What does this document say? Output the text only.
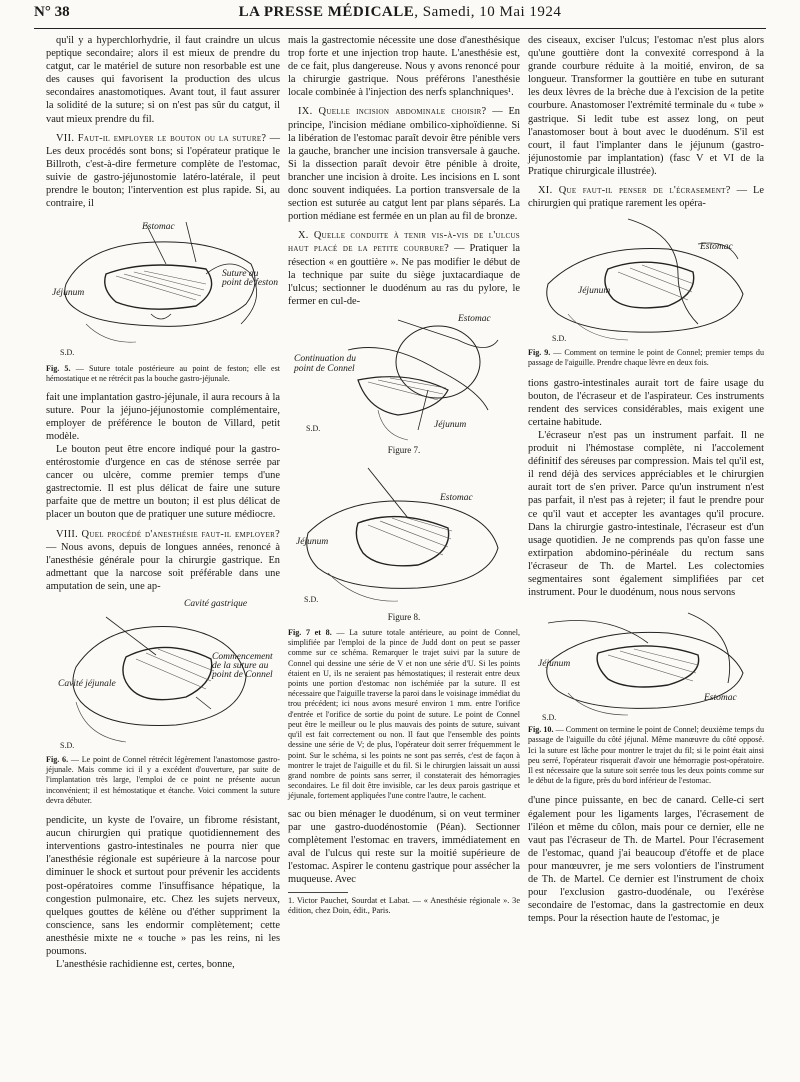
N° 38	LA PRESSE MÉDICALE, Samedi, 10 Mai 1924

qu'il y a hyperchlorhydrie, il faut craindre un ulcus peptique secondaire; alors il est mieux de prendre du catgut, car le matériel de suture non resorbable est une des causes qui favorisent la production des ulcus secondaires anastomotiques. Avant tout, il faut assurer la solidité de la suture; si on n'est pas sûr du catgut, il vaut mieux prendre du fil.

VII. Faut-il employer le bouton ou la suture? — Les deux procédés sont bons; si l'opérateur pratique le Billroth, c'est-à-dire fermeture complète de l'estomac, suivie de gastro-jéjunostomie latéro-latérale, il peut prendre le bouton; l'intervention est plus rapide. Si, au contraire, il

Estomac
Suture au point de feston
Jéjunum
S.D.

Fig. 5. — Suture totale postérieure au point de feston; elle est hémostatique et ne rétrécit pas la bouche gastro-jéjunale.

fait une implantation gastro-jéjunale, il aura recours à la suture. Pour la jéjuno-jéjunostomie complémentaire, employer de préférence le bouton de Villard, petit modèle.

Le bouton peut être encore indiqué pour la gastro-entérostomie d'urgence en cas de sténose serrée par cancer ou ulcère, comme premier temps d'une gastrectomie. Il est plus délicat de faire une suture parfaite que de mettre un bouton; il est plus délicat de placer un bouton que de pratiquer une suture médiocre.

VIII. Quel procédé d'anesthésie faut-il employer? — Nous avons, depuis de longues années, renoncé à l'anesthésie générale pour la chirurgie gastrique. En admettant que la narcose soit préférable dans une amputation de sein, une ap-

Cavité gastrique
Cavité jéjunale
Commencement de la suture au point de Connel
S.D.

Fig. 6. — Le point de Connel rétrécit légèrement l'anastomose gastro-jéjunale. Mais comme ici il y a excédent d'ouverture, par suite de l'implantation très large, l'emploi de ce point ne présente aucun inconvénient; il est hémostatique et étanche. Voici comment la suture devra débuter.

pendicite, un kyste de l'ovaire, un fibrome résistant, aucun chirurgien qui pratique quotidiennement des interventions gastro-intestinales ne pourra nier que l'anesthésie régionale est supérieure à la narcose pour diminuer le shock et surtout pour prévenir les accidents post-opératoires comme l'insuffisance hépatique, la congestion pulmonaire, etc. Chez les sujets nerveux, quelques gouttes de kélène ou d'éther suppriment la conscience, sans les endormir complètement; cette anesthésie mixte ne « touche » pas les reins, ni les poumons.

L'anesthésie rachidienne est, certes, bonne,

mais la gastrectomie nécessite une dose d'anesthésique trop forte et une injection trop haute. L'anesthésie est, de ce fait, plus dangereuse. Nous y avons renoncé pour la chirurgie gastrique. Nous préférons l'anesthésie locale combinée à l'injection des nerfs splanchniques¹.

IX. Quelle incision abdominale choisir? — En principe, l'incision médiane ombilico-xiphoïdienne. Si la libération de l'estomac paraît devoir être pénible vers la gauche, brancher une incision transversale à gauche. Si la dissection paraît devoir être pénible à droite, brancher une incision à droite. Les incisions en L sont donc souvent indiquées. La portion transversale de la section est suturée au catgut lent par plans séparés. La portion médiane est fermée en un plan au fil de bronze.

X. Quelle conduite à tenir vis-à-vis de l'ulcus haut placé de la petite courbure? — Pratiquer la résection « en gouttière ». Ne pas modifier le début de la technique par suite du siège juxtacardiaque de l'ulcus; sectionner le duodénum au ras du pylore, le fermer en cul-de-

Estomac
Continuation du point de Connel
Jéjunum
S.D.

Figure 7.

Estomac
Jéjunum
S.D.

Figure 8.

Fig. 7 et 8. — La suture totale antérieure, au point de Connel, simplifiée par l'emploi de la pince de Judd dont on peut se passer comme sur ce schéma. Remarquer le trajet suivi par la suture de Connel qui dessine une série de V et non une série d'U. Si les points étaient en U, ils ne seraient pas hémostatiques; il resterait entre deux points une portion d'estomac non ischémiée par la suture. Il est nécessaire que l'aiguille traverse la paroi dans le voisinage immédiat du trou précédent; ici nous avons mesuré environ 1 mm. entre l'orifice d'entrée et l'orifice de sortie du point de suture. Le point de Connel peut être le meilleur ou le plus mauvais des points de suture, suivant qu'il est fait correctement ou non. Il faut que l'ensemble des points dessine une série de V; de plus, l'opérateur doit serrer fréquemment le point. Sur le schéma, si les points ne sont pas serrés, c'est de façon à montrer le trajet de l'aiguille et du fil. Si le chirurgien laissait un aussi grand nombre de points sans serrer, il constaterait des hémorragies secondaires. Le fil doit être invisible, car les deux parois gastrique et jéjunale, fortement appliquées l'une contre l'autre, le cachent.

sac ou bien ménager le duodénum, si on veut terminer par une gastro-duodénostomie (Péan). Sectionner complètement l'estomac en travers, immédiatement en aval de l'ulcus qui reste sur la moitié supérieure de l'estomac. Aspirer le contenu gastrique pour assécher la muqueuse. Avec

1. Victor Pauchet, Sourdat et Labat. — « Anesthésie régionale ». 3e édition, chez Doin, édit., Paris.

des ciseaux, exciser l'ulcus; l'estomac n'est plus alors qu'une gouttière dont la convexité correspond à la grande courbure réduite à la moitié, environ, de sa longueur. Transformer la gouttière en tube en suturant les deux lèvres de la brèche due à l'excision de la petite courbure. Anastomoser l'extrémité terminale du « tube » gastrique. Si ledit tube est assez long, on peut l'anastomoser bout à bout avec le duodénum. S'il est court, il faut l'implanter dans le jéjunum (gastro-jéjunostomie par implantation) (fasc V et VI de la Pratique chirurgicale illustrée).

XI. Que faut-il penser de l'écrasement? — Le chirurgien qui pratique rarement les opéra-

Estomac
Jéjunum
S.D.

Fig. 9. — Comment on termine le point de Connel; premier temps du passage de l'aiguille. Prendre chaque lèvre en deux fois.

tions gastro-intestinales aurait tort de faire usage du bouton, de l'écraseur et de l'aspirateur. Ces instruments rendent des services considérables, mais exigent une certaine habitude.

L'écraseur n'est pas un instrument parfait. Il ne produit ni l'hémostase complète, ni l'accolement définitif des séreuses par compression. Mais tel qu'il est, il rend déjà des services appréciables et le chirurgien aurait tort de s'en priver. Parce qu'un instrument n'est pas parfait, il n'est pas à rejeter; il faut le prendre pour ce qu'il vaut et accepter les avantages qu'il procure. Dans la chirurgie gastro-intestinale, l'écraseur est d'un usage quotidien. Je ne comprends pas qu'on fasse une extirpation abdomino-périnéale du rectum sans l'écraseur de Th. de Martel. Les colectomies segmentaires sont également simplifiées par cet instrument. Pour le duodénum, nous nous servons

Jéjunum
Estomac
S.D.

Fig. 10. — Comment on termine le point de Connel; deuxième temps du passage de l'aiguille du côté jéjunal. Même manœuvre du côté opposé. Ici la suture est lâche pour montrer le trajet du fil; si le point était ainsi peu serré, l'opérateur risquerait d'avoir une hémorragie post-opératoire. Il est nécessaire que la suture soit serrée tous les deux points comme sur le début de la figure, près du bord inférieur de l'estomac.

d'une pince puissante, en bec de canard. Celle-ci sert également pour les ligaments larges, l'écrasement de l'iléon et même du côlon, mais pour ce dernier, elle ne vaut pas l'écraseur de Th. de Martel. Pour l'écrasement de l'estomac, quand j'ai beaucoup d'étoffe et de place pour manœuvrer, je me sers volontiers de l'instrument de Th. de Martel. Ce dernier est l'instrument de choix pour l'exclusion gastro-duodénale, ou l'exérèse secondaire de l'estomac, dans la gastrectomie en deux temps. Pour la résection haute de l'estomac, je
